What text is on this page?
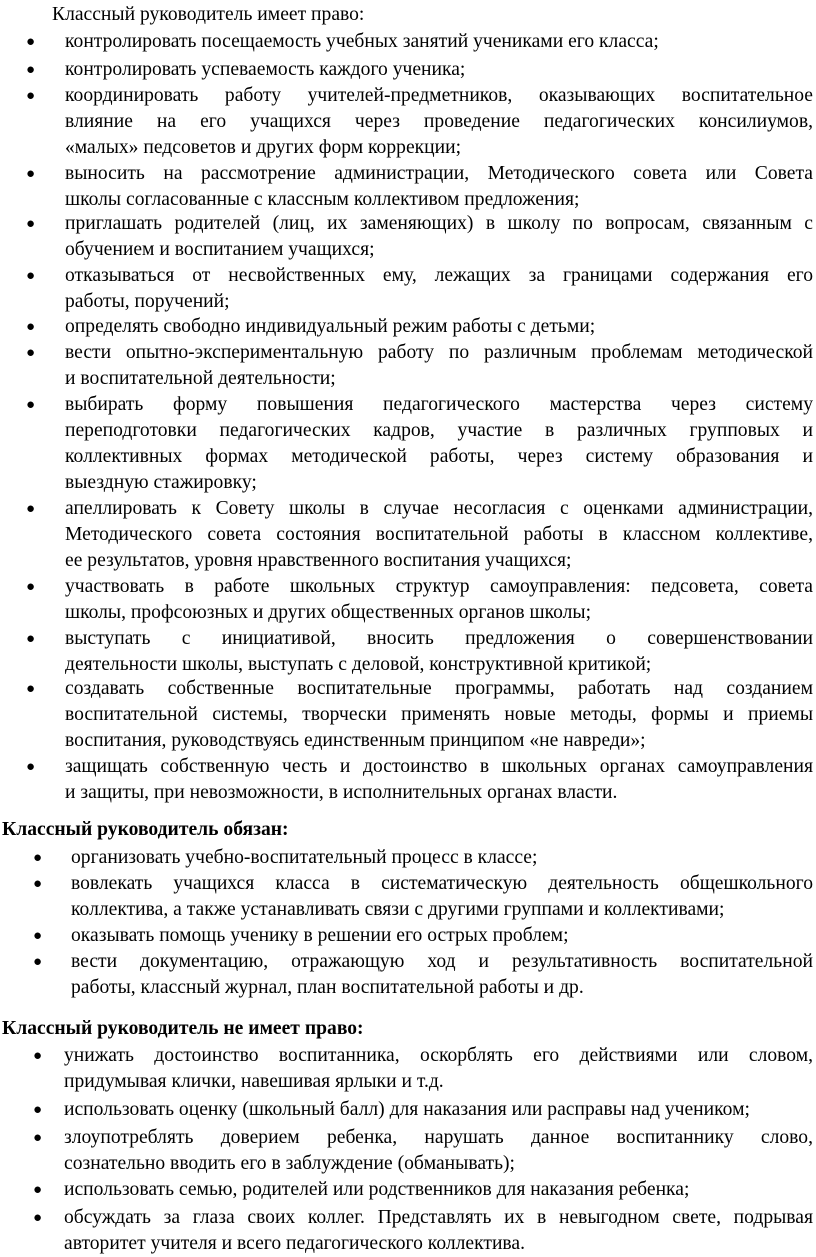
Классный руководитель имеет право:
● контролировать посещаемость учебных занятий учениками его класса;
● контролировать успеваемость каждого ученика;
● координировать работу учителей-предметников, оказывающих воспитательное
влияние на его учащихся через проведение педагогических консилиумов,
«малых» педсоветов и других форм коррекции;
● выносить на рассмотрение администрации, Методического совета или Совета
школы согласованные с классным коллективом предложения;
● приглашать родителей (лиц, их заменяющих) в школу по вопросам, связанным с
обучением и воспитанием учащихся;
● отказываться от несвойственных ему, лежащих за границами содержания его
работы, поручений;
● определять свободно индивидуальный режим работы с детьми;
● вести опытно-экспериментальную работу по различным проблемам методической
и воспитательной деятельности;
● выбирать форму повышения педагогического мастерства через систему
переподготовки педагогических кадров, участие в различных групповых и
коллективных формах методической работы, через систему образования и
выездную стажировку;
● апеллировать к Совету школы в случае несогласия с оценками администрации,
Методического совета состояния воспитательной работы в классном коллективе,
ее результатов, уровня нравственного воспитания учащихся;
● участвовать в работе школьных структур самоуправления: педсовета, совета
школы, профсоюзных и других общественных органов школы;
● выступать с инициативой, вносить предложения о совершенствовании
деятельности школы, выступать с деловой, конструктивной критикой;
● создавать собственные воспитательные программы, работать над созданием
воспитательной системы, творчески применять новые методы, формы и приемы
воспитания, руководствуясь единственным принципом «не навреди»;
● защищать собственную честь и достоинство в школьных органах самоуправления
и защиты, при невозможности, в исполнительных органах власти.
Классный руководитель обязан:
● организовать учебно-воспитательный процесс в классе;
● вовлекать учащихся класса в систематическую деятельность общешкольного
коллектива, а также устанавливать связи с другими группами и коллективами;
● оказывать помощь ученику в решении его острых проблем;
● вести документацию, отражающую ход и результативность воспитательной
работы, классный журнал, план воспитательной работы и др.
Классный руководитель не имеет право:
● унижать достоинство воспитанника, оскорблять его действиями или словом,
придумывая клички, навешивая ярлыки и т.д.
● использовать оценку (школьный балл) для наказания или расправы над учеником;
● злоупотреблять доверием ребенка, нарушать данное воспитаннику слово,
сознательно вводить его в заблуждение (обманывать);
● использовать семью, родителей или родственников для наказания ребенка;
● обсуждать за глаза своих коллег. Представлять их в невыгодном свете, подрывая
авторитет учителя и всего педагогического коллектива.
